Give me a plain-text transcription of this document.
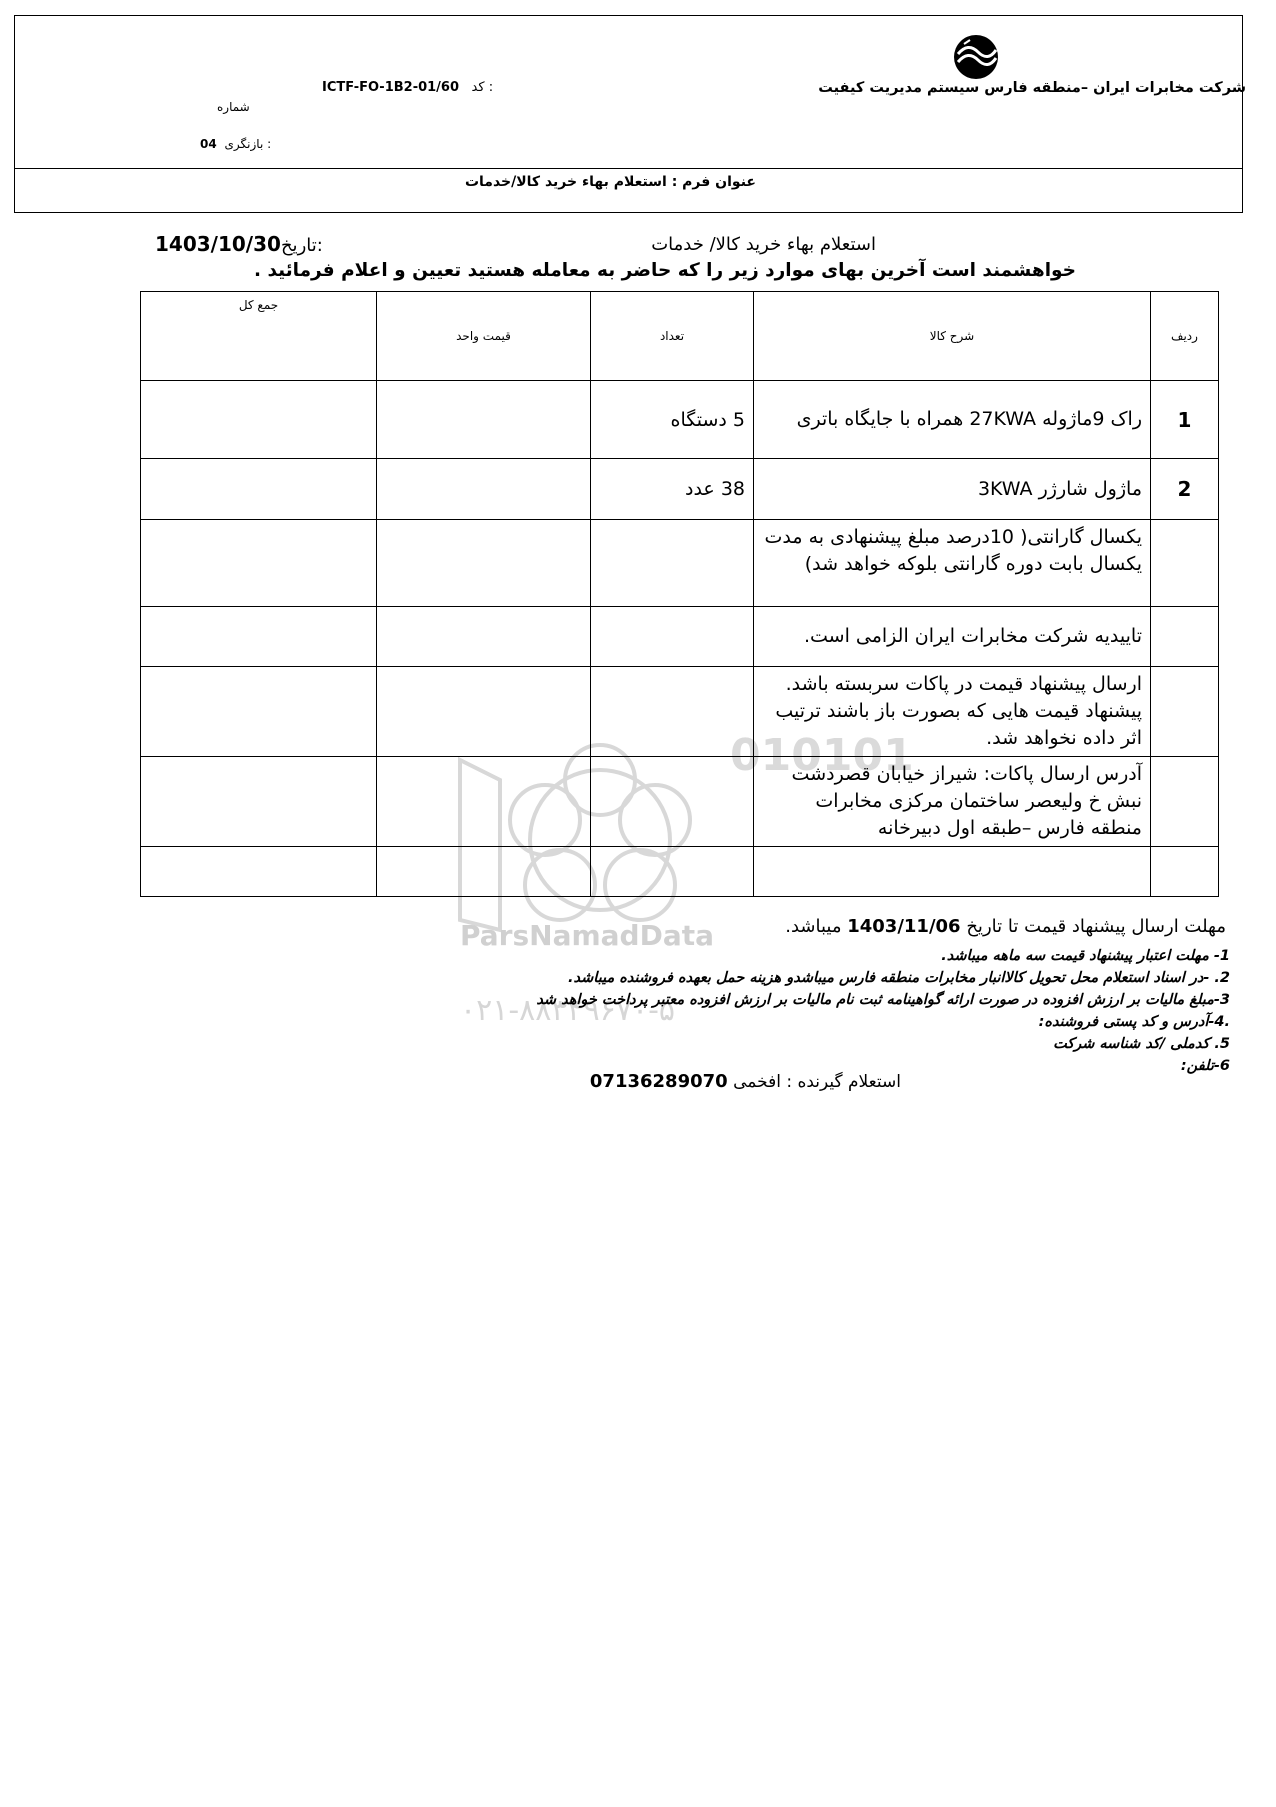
شرکت مخابرات ایران –منطقه فارس سیستم مدیریت کیفیت
ICTF-FO-1B2-01/60 کد :
شماره
04 بازنگری :
عنوان فرم : استعلام بهاء خرید کالا/خدمات
استعلام بهاء خرید کالا/ خدمات
1403/10/30تاریخ:
خواهشمند است آخرین بهای موارد زیر را که حاضر به معامله هستید تعیین و اعلام فرمائید .
010101
ParsNamadData
۰۲۱-۸۸۳۴۹۶۷۰-۵
ردیف	شرح کالا	تعداد	قیمت واحد	جمع کل
1	راک 9ماژوله 27KWA همراه با جایگاه باتری	5 دستگاه		
2	ماژول شارژر 3KWA	38 عدد		
	یکسال گارانتی( 10درصد مبلغ پیشنهادی به مدت یکسال بابت دوره گارانتی بلوکه خواهد شد)			
	تاییدیه شرکت مخابرات ایران الزامی است.			
	ارسال پیشنهاد قیمت در پاکات سربسته باشد. پیشنهاد قیمت هایی که بصورت باز باشند ترتیب اثر داده نخواهد شد.			
	آدرس ارسال پاکات: شیراز خیابان قصردشت نبش خ ولیعصر ساختمان مرکزی مخابرات منطقه فارس –طبقه اول دبیرخانه			

مهلت ارسال پیشنهاد قیمت تا تاریخ 1403/11/06 میباشد.
1- مهلت اعتبار پیشنهاد قیمت سه ماهه میباشد.
2. -در اسناد استعلام محل تحویل کالاانبار مخابرات منطقه فارس میباشدو هزینه حمل بعهده فروشنده میباشد.
3-مبلغ مالیات بر ارزش افزوده در صورت ارائه گواهینامه ثبت نام مالیات بر ارزش افزوده معتبر پرداخت خواهد شد
.4-آدرس و کد پستی فروشنده:
5. کدملی /کد شناسه شرکت
6-تلفن:
استعلام گیرنده : افخمی 07136289070
